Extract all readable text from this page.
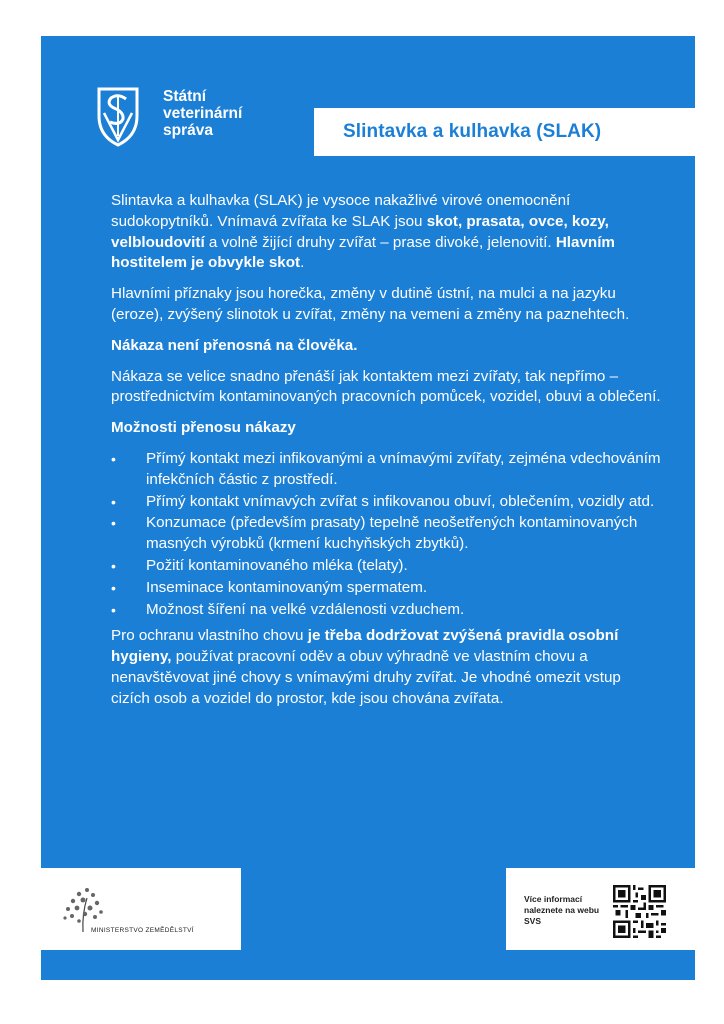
Státní
veterinární
správa	Slintavka a kulhavka (SLAK)

Slintavka a kulhavka (SLAK) je vysoce nakažlivé virové onemocnění sudokopytníků. Vnímavá zvířata ke SLAK jsou skot, prasata, ovce, kozy, velbloudovití a volně žijící druhy zvířat – prase divoké, jelenovití. Hlavním hostitelem je obvykle skot.

Hlavními příznaky jsou horečka, změny v dutině ústní, na mulci a na jazyku (eroze), zvýšený slinotok u zvířat, změny na vemeni a změny na paznehtech.

Nákaza není přenosná na člověka.

Nákaza se velice snadno přenáší jak kontaktem mezi zvířaty, tak nepřímo – prostřednictvím kontaminovaných pracovních pomůcek, vozidel, obuvi a oblečení.

Možnosti přenosu nákazy

• Přímý kontakt mezi infikovanými a vnímavými zvířaty, zejména vdechováním infekčních částic z prostředí.
• Přímý kontakt vnímavých zvířat s infikovanou obuví, oblečením, vozidly atd.
• Konzumace (především prasaty) tepelně neošetřených kontaminovaných masných výrobků (krmení kuchyňských zbytků).
• Požití kontaminovaného mléka (telaty).
• Inseminace kontaminovaným spermatem.
• Možnost šíření na velké vzdálenosti vzduchem.

Pro ochranu vlastního chovu je třeba dodržovat zvýšená pravidla osobní hygieny, používat pracovní oděv a obuv výhradně ve vlastním chovu a nenavštěvovat jiné chovy s vnímavými druhy zvířat. Je vhodné omezit vstup cizích osob a vozidel do prostor, kde jsou chována zvířata.

MINISTERSTVO ZEMĚDĚLSTVÍ
Více informací naleznete na webu SVS
